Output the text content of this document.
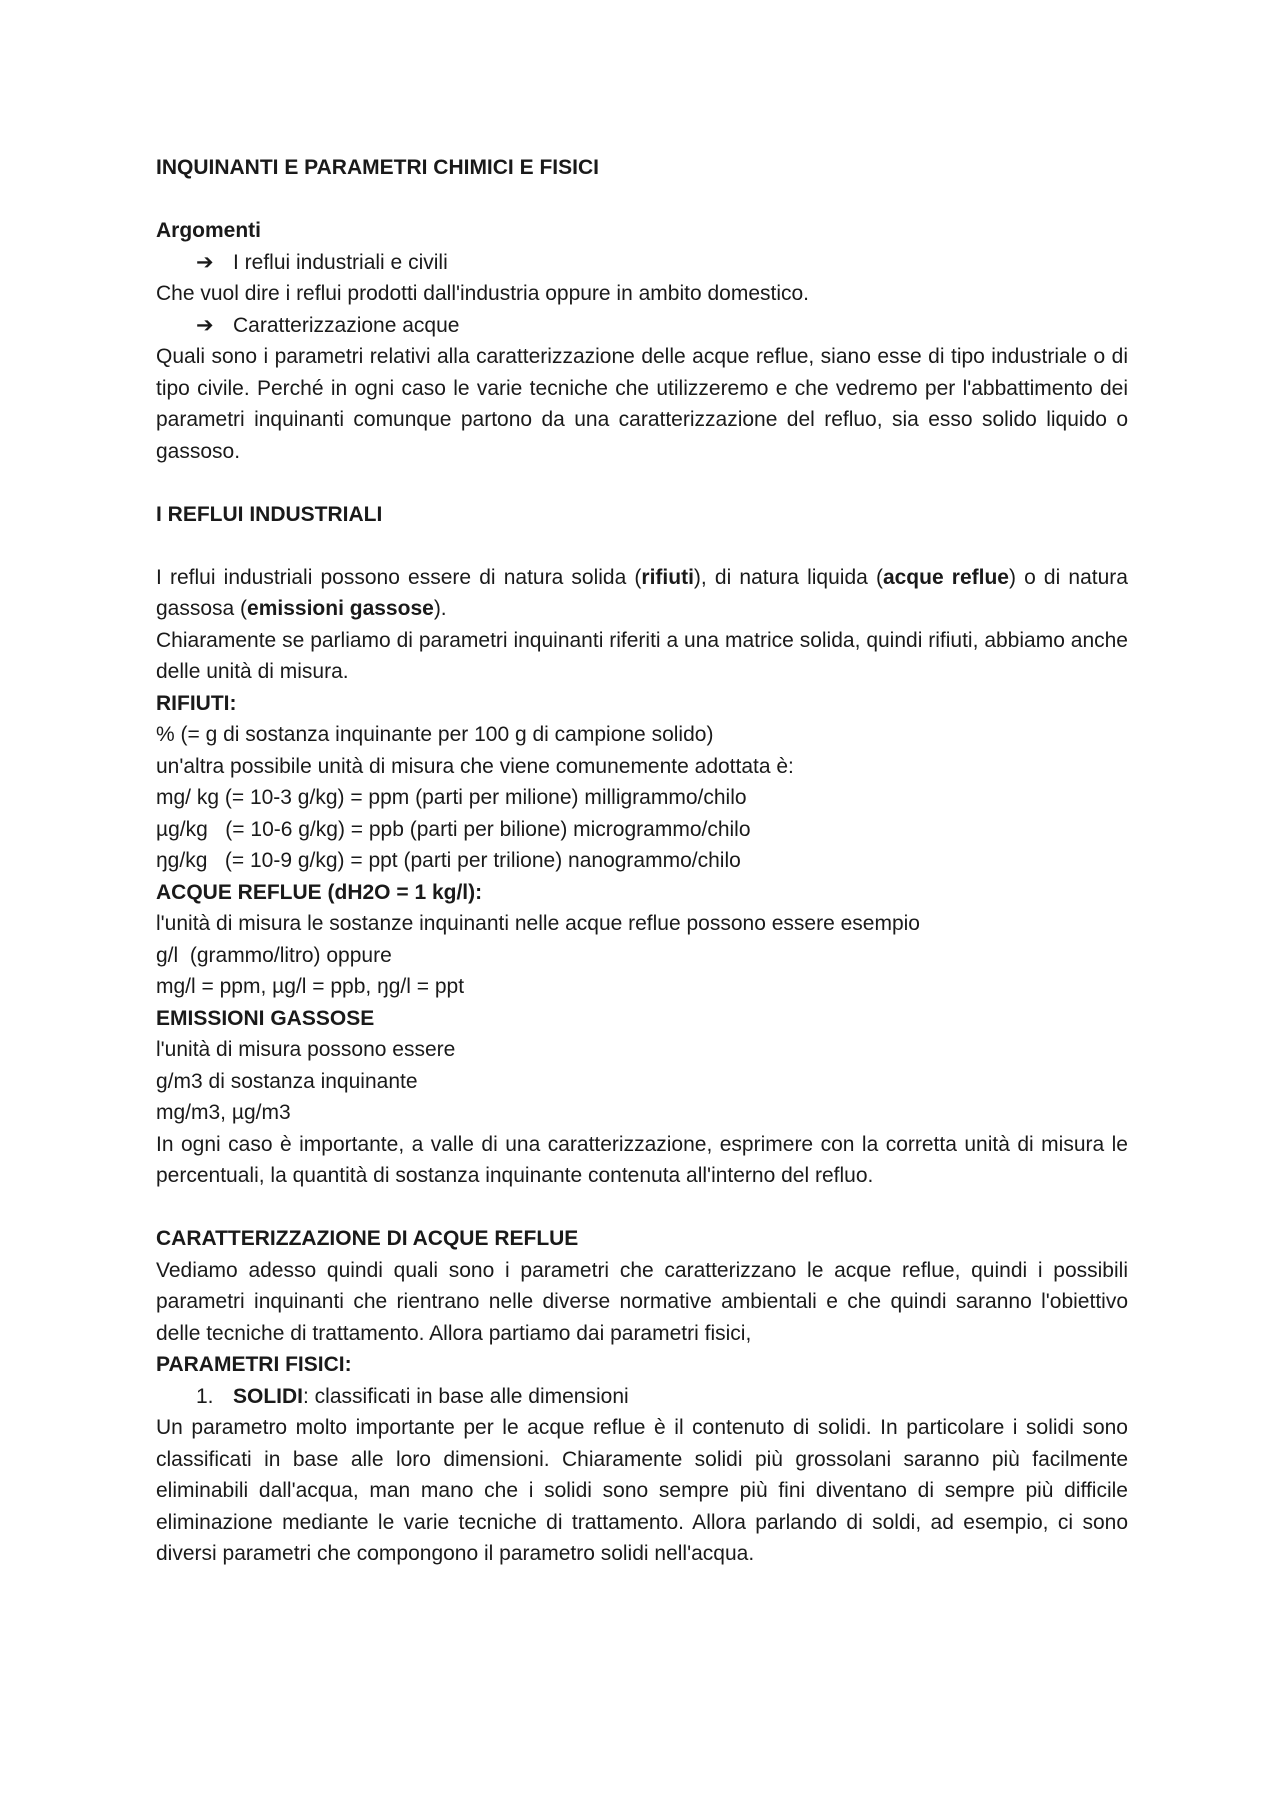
INQUINANTI E PARAMETRI CHIMICI E FISICI

Argomenti

➔ I reflui industriali e civili

Che vuol dire i reflui prodotti dall'industria oppure in ambito domestico.

➔ Caratterizzazione acque

Quali sono i parametri relativi alla caratterizzazione delle acque reflue, siano esse di tipo industriale o di tipo civile. Perché in ogni caso le varie tecniche che utilizzeremo e che vedremo per l'abbattimento dei parametri inquinanti comunque partono da una caratterizzazione del refluo, sia esso solido liquido o gassoso.

I REFLUI INDUSTRIALI

I reflui industriali possono essere di natura solida (rifiuti), di natura liquida (acque reflue) o di natura gassosa (emissioni gassose).

Chiaramente se parliamo di parametri inquinanti riferiti a una matrice solida, quindi rifiuti, abbiamo anche delle unità di misura.

RIFIUTI:

% (= g di sostanza inquinante per 100 g di campione solido)

un'altra possibile unità di misura che viene comunemente adottata è:

mg/ kg (= 10-3 g/kg) = ppm (parti per milione) milligrammo/chilo

µg/kg   (= 10-6 g/kg) = ppb (parti per bilione) microgrammo/chilo

ŋg/kg   (= 10-9 g/kg) = ppt (parti per trilione) nanogrammo/chilo

ACQUE REFLUE (dH2O = 1 kg/l):

l'unità di misura le sostanze inquinanti nelle acque reflue possono essere esempio

g/l  (grammo/litro) oppure

mg/l = ppm, µg/l = ppb, ŋg/l = ppt

EMISSIONI GASSOSE

l'unità di misura possono essere

g/m3 di sostanza inquinante

mg/m3, µg/m3

In ogni caso è importante, a valle di una caratterizzazione, esprimere con la corretta unità di misura le percentuali, la quantità di sostanza inquinante contenuta all'interno del refluo.

CARATTERIZZAZIONE DI ACQUE REFLUE

Vediamo adesso quindi quali sono i parametri che caratterizzano le acque reflue, quindi i possibili parametri inquinanti che rientrano nelle diverse normative ambientali e che quindi saranno l'obiettivo delle tecniche di trattamento. Allora partiamo dai parametri fisici,

PARAMETRI FISICI:

1. SOLIDI: classificati in base alle dimensioni

Un parametro molto importante per le acque reflue è il contenuto di solidi. In particolare i solidi sono classificati in base alle loro dimensioni. Chiaramente solidi più grossolani saranno più facilmente eliminabili dall'acqua, man mano che i solidi sono sempre più fini diventano di sempre più difficile eliminazione mediante le varie tecniche di trattamento. Allora parlando di soldi, ad esempio, ci sono diversi parametri che compongono il parametro solidi nell'acqua.
